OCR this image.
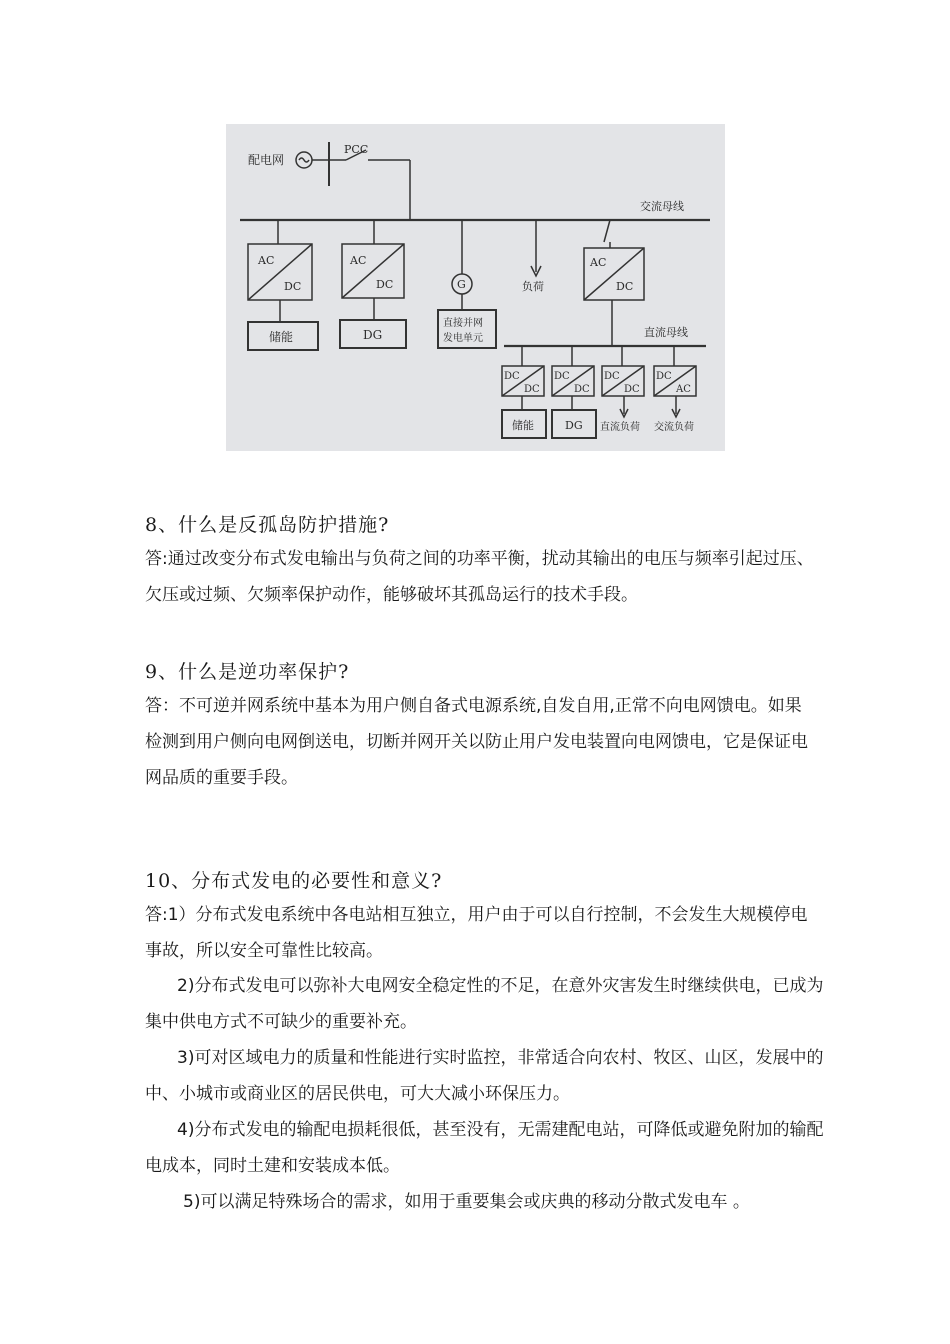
配电网
PCC
交流母线
AC
DC
储能
AC
DC
DG
G
直接并网
发电单元
负荷
AC
DC
直流母线
DC
DC
储能
DC
DC
DG
DC
DC
直流负荷
DC
AC
交流负荷
8、什么是反孤岛防护措施?

答:通过改变分布式发电输出与负荷之间的功率平衡，扰动其输出的电压与频率引起过压、欠压或过频、欠频率保护动作，能够破坏其孤岛运行的技术手段。

9、什么是逆功率保护?

答：不可逆并网系统中基本为用户侧自备式电源系统,自发自用,正常不向电网馈电。如果检测到用户侧向电网倒送电，切断并网开关以防止用户发电装置向电网馈电，它是保证电网品质的重要手段。

10、分布式发电的必要性和意义?

答:1）分布式发电系统中各电站相互独立，用户由于可以自行控制，不会发生大规模停电事故，所以安全可靠性比较高。

2)分布式发电可以弥补大电网安全稳定性的不足，在意外灾害发生时继续供电，已成为集中供电方式不可缺少的重要补充。

3)可对区域电力的质量和性能进行实时监控，非常适合向农村、牧区、山区，发展中的中、小城市或商业区的居民供电，可大大减小环保压力。

4)分布式发电的输配电损耗很低，甚至没有，无需建配电站，可降低或避免附加的输配电成本，同时土建和安装成本低。

5)可以满足特殊场合的需求，如用于重要集会或庆典的移动分散式发电车 。
